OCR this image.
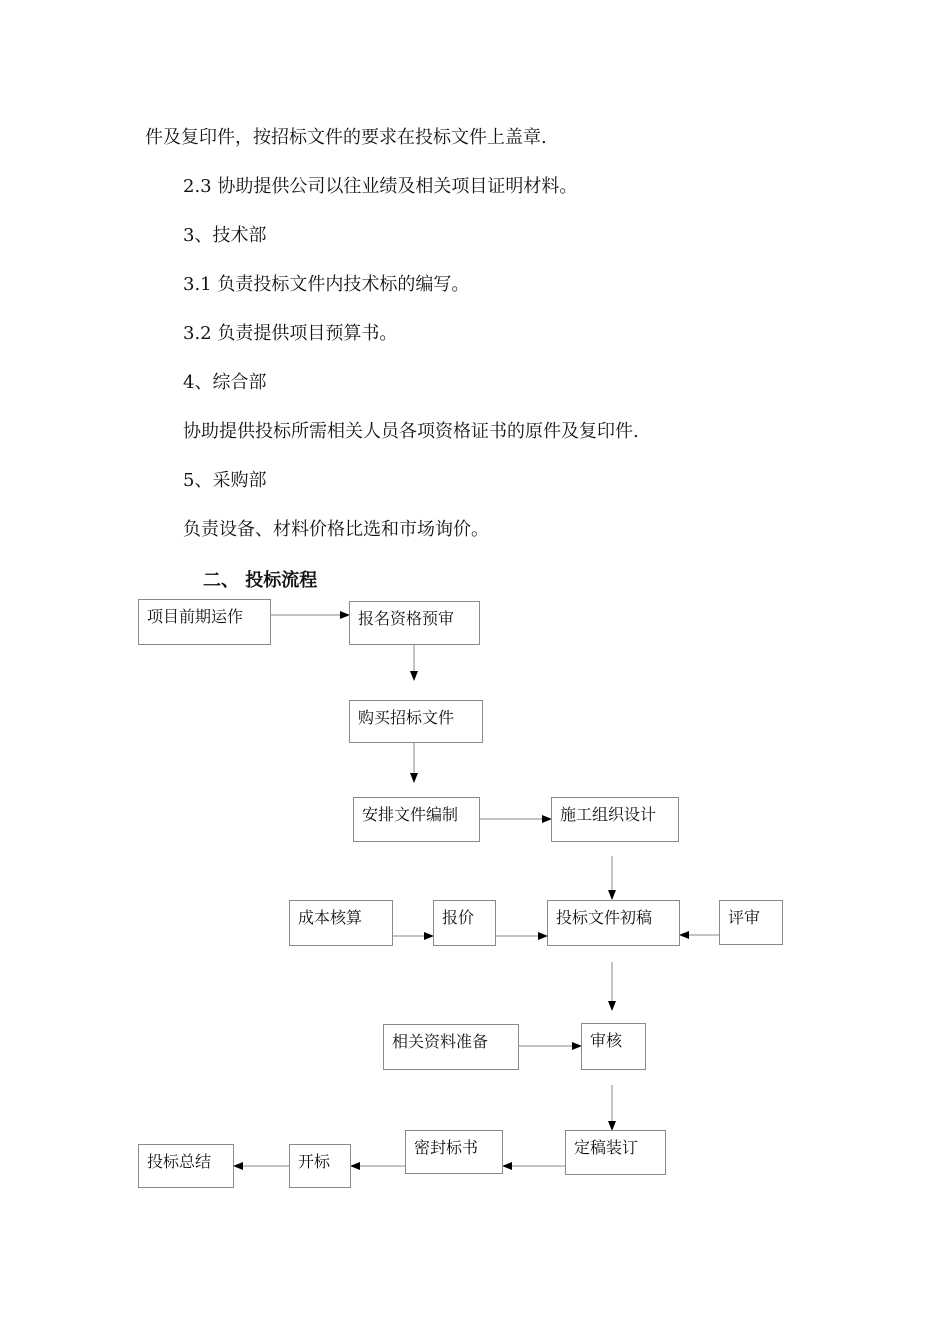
件及复印件，按招标文件的要求在投标文件上盖章.

2.3 协助提供公司以往业绩及相关项目证明材料。

3、技术部

3.1 负责投标文件内技术标的编写。

3.2 负责提供项目预算书。

4、综合部

协助提供投标所需相关人员各项资格证书的原件及复印件.

5、采购部

负责设备、材料价格比选和市场询价。

二、 投标流程
项目前期运作	报名资格预审
购买招标文件
安排文件编制	施工组织设计
成本核算	报价	投标文件初稿	评审
相关资料准备	审核
定稿装订
密封标书
开标
投标总结
